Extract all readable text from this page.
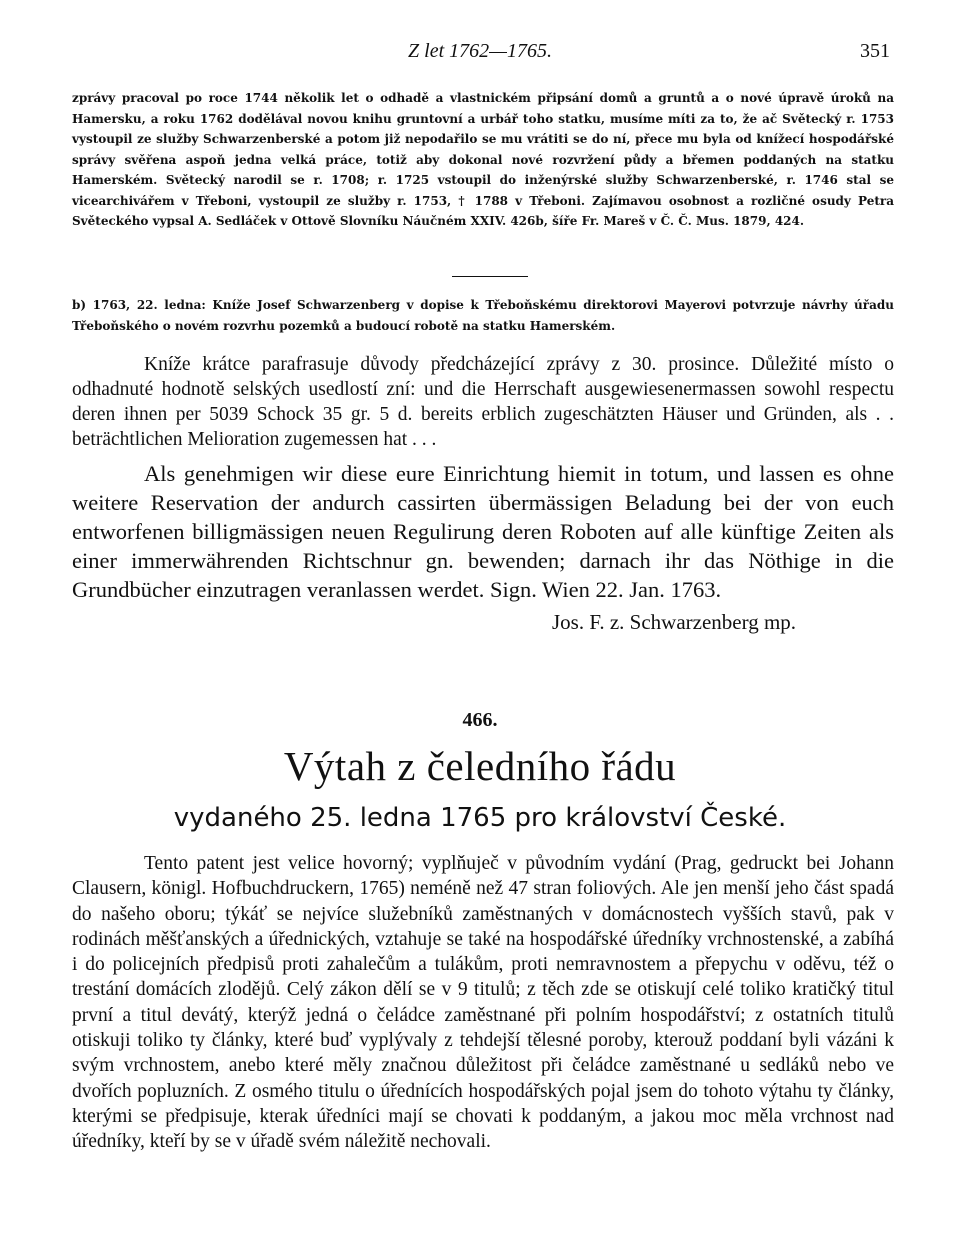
Z let 1762—1765.	351

zprávy pracoval po roce 1744 několik let o odhadě a vlastnickém připsání domů a gruntů a o nové úpravě úroků na Hamersku, a roku 1762 dodělával novou knihu gruntovní a urbář toho statku, musíme míti za to, že ač Světecký r. 1753 vystoupil ze služby Schwarzenberské a potom již nepodařilo se mu vrátiti se do ní, přece mu byla od knížecí hospodářské správy svěřena aspoň jedna velká práce, totiž aby dokonal nové rozvržení půdy a břemen poddaných na statku Hamerském. Světecký narodil se r. 1708; r. 1725 vstoupil do inženýrské služby Schwarzenberské, r. 1746 stal se vicearchivářem v Třeboni, vystoupil ze služby r. 1753, † 1788 v Třeboni. Zajímavou osobnost a rozličné osudy Petra Světeckého vypsal A. Sedláček v Ottově Slovníku Náučném XXIV. 426b, šíře Fr. Mareš v Č. Č. Mus. 1879, 424.

b) 1763, 22. ledna: Kníže Josef Schwarzenberg v dopise k Třeboňskému direktorovi Mayerovi potvrzuje návrhy úřadu Třeboňského o novém rozvrhu pozemků a budoucí robotě na statku Hamerském.

Kníže krátce parafrasuje důvody předcházející zprávy z 30. prosince. Důležité místo o odhadnuté hodnotě selských usedlostí zní: und die Herrschaft ausgewiesenermassen sowohl respectu deren ihnen per 5039 Schock 35 gr. 5 d. bereits erblich zugeschätzten Häuser und Gründen, als . . beträchtlichen Melioration zugemessen hat . . .

Als genehmigen wir diese eure Einrichtung hiemit in totum, und lassen es ohne weitere Reservation der andurch cassirten übermässigen Beladung bei der von euch entworfenen billigmässigen neuen Regulirung deren Roboten auf alle künftige Zeiten als einer immerwährenden Richtschnur gn. bewenden; darnach ihr das Nöthige in die Grundbücher einzutragen veranlassen werdet. Sign. Wien 22. Jan. 1763.

Jos. F. z. Schwarzenberg mp.
466.
Výtah z čeledního řádu
vydaného 25. ledna 1765 pro království České.

Tento patent jest velice hovorný; vyplňuječ v původním vydání (Prag, gedruckt bei Johann Clausern, königl. Hofbuchdruckern, 1765) neméně než 47 stran foliových. Ale jen menší jeho část spadá do našeho oboru; týkáť se nejvíce služebníků zaměstnaných v domácnostech vyšších stavů, pak v rodinách měšťanských a úřednických, vztahuje se také na hospodářské úředníky vrchnostenské, a zabíhá i do policejních předpisů proti zahalečům a tulákům, proti nemravnostem a přepychu v oděvu, též o trestání domácích zlodějů. Celý zákon dělí se v 9 titulů; z těch zde se otiskují celé toliko kratičký titul první a titul devátý, kterýž jedná o čeládce zaměstnané při polním hospodářství; z ostatních titulů otiskuji toliko ty články, které buď vyplývaly z tehdejší tělesné poroby, kterouž poddaní byli vázáni k svým vrchnostem, anebo které měly značnou důležitost při čeládce zaměstnané u sedláků nebo ve dvořích popluzních. Z osmého titulu o úřednících hospodářských pojal jsem do tohoto výtahu ty články, kterými se předpisuje, kterak úředníci mají se chovati k poddaným, a jakou moc měla vrchnost nad úředníky, kteří by se v úřadě svém náležitě nechovali.
